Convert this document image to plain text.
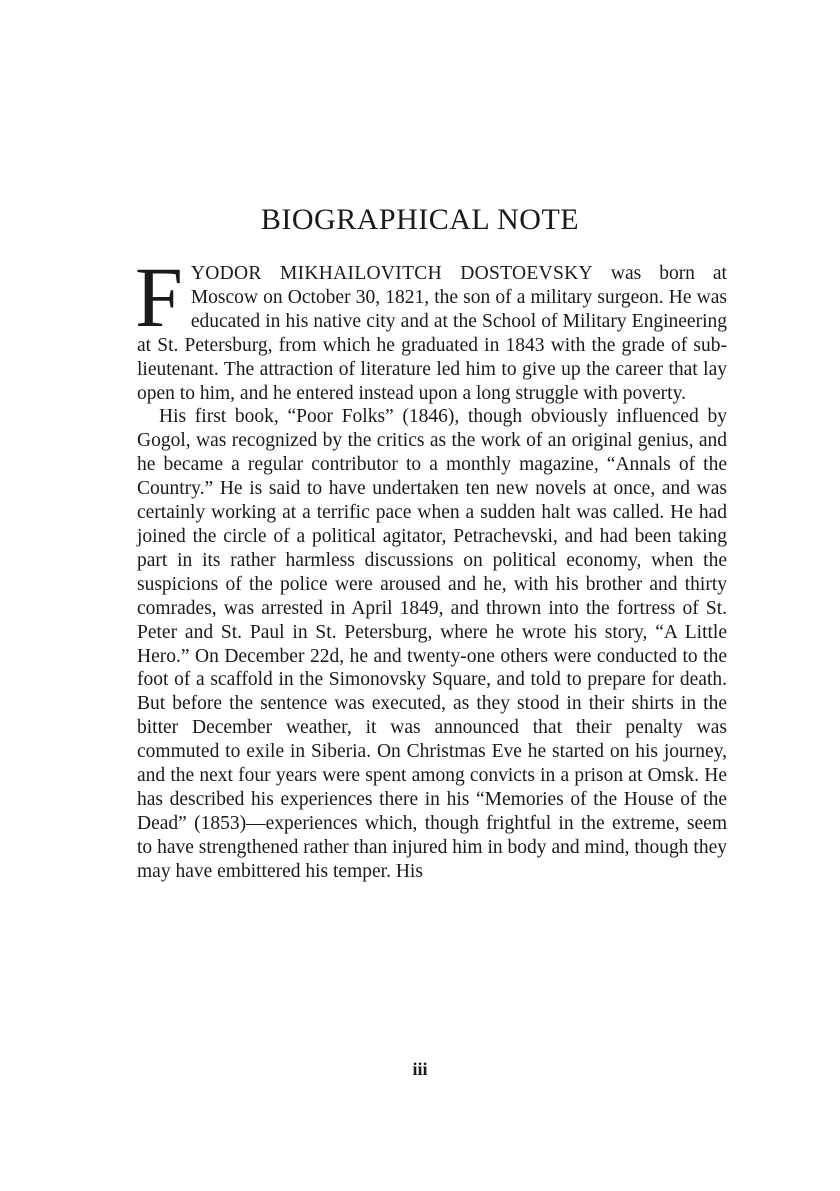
BIOGRAPHICAL NOTE

FYODOR MIKHAILOVITCH DOSTOEVSKY was born at Moscow on October 30, 1821, the son of a military surgeon. He was educated in his native city and at the School of Military Engineering at St. Petersburg, from which he graduated in 1843 with the grade of sub-lieutenant. The attraction of literature led him to give up the career that lay open to him, and he entered instead upon a long struggle with poverty.

His first book, “Poor Folks” (1846), though obviously influenced by Gogol, was recognized by the critics as the work of an original genius, and he became a regular contributor to a monthly magazine, “Annals of the Country.” He is said to have undertaken ten new novels at once, and was certainly working at a terrific pace when a sudden halt was called. He had joined the circle of a political agitator, Petrachevski, and had been taking part in its rather harmless discussions on political economy, when the suspicions of the police were aroused and he, with his brother and thirty comrades, was arrested in April 1849, and thrown into the fortress of St. Peter and St. Paul in St. Petersburg, where he wrote his story, “A Little Hero.” On December 22d, he and twenty-one others were conducted to the foot of a scaffold in the Simonovsky Square, and told to prepare for death. But before the sentence was executed, as they stood in their shirts in the bitter December weather, it was announced that their penalty was commuted to exile in Siberia. On Christmas Eve he started on his journey, and the next four years were spent among convicts in a prison at Omsk. He has described his experiences there in his “Memories of the House of the Dead” (1853)—experiences which, though frightful in the extreme, seem to have strengthened rather than injured him in body and mind, though they may have embittered his temper. His

iii
